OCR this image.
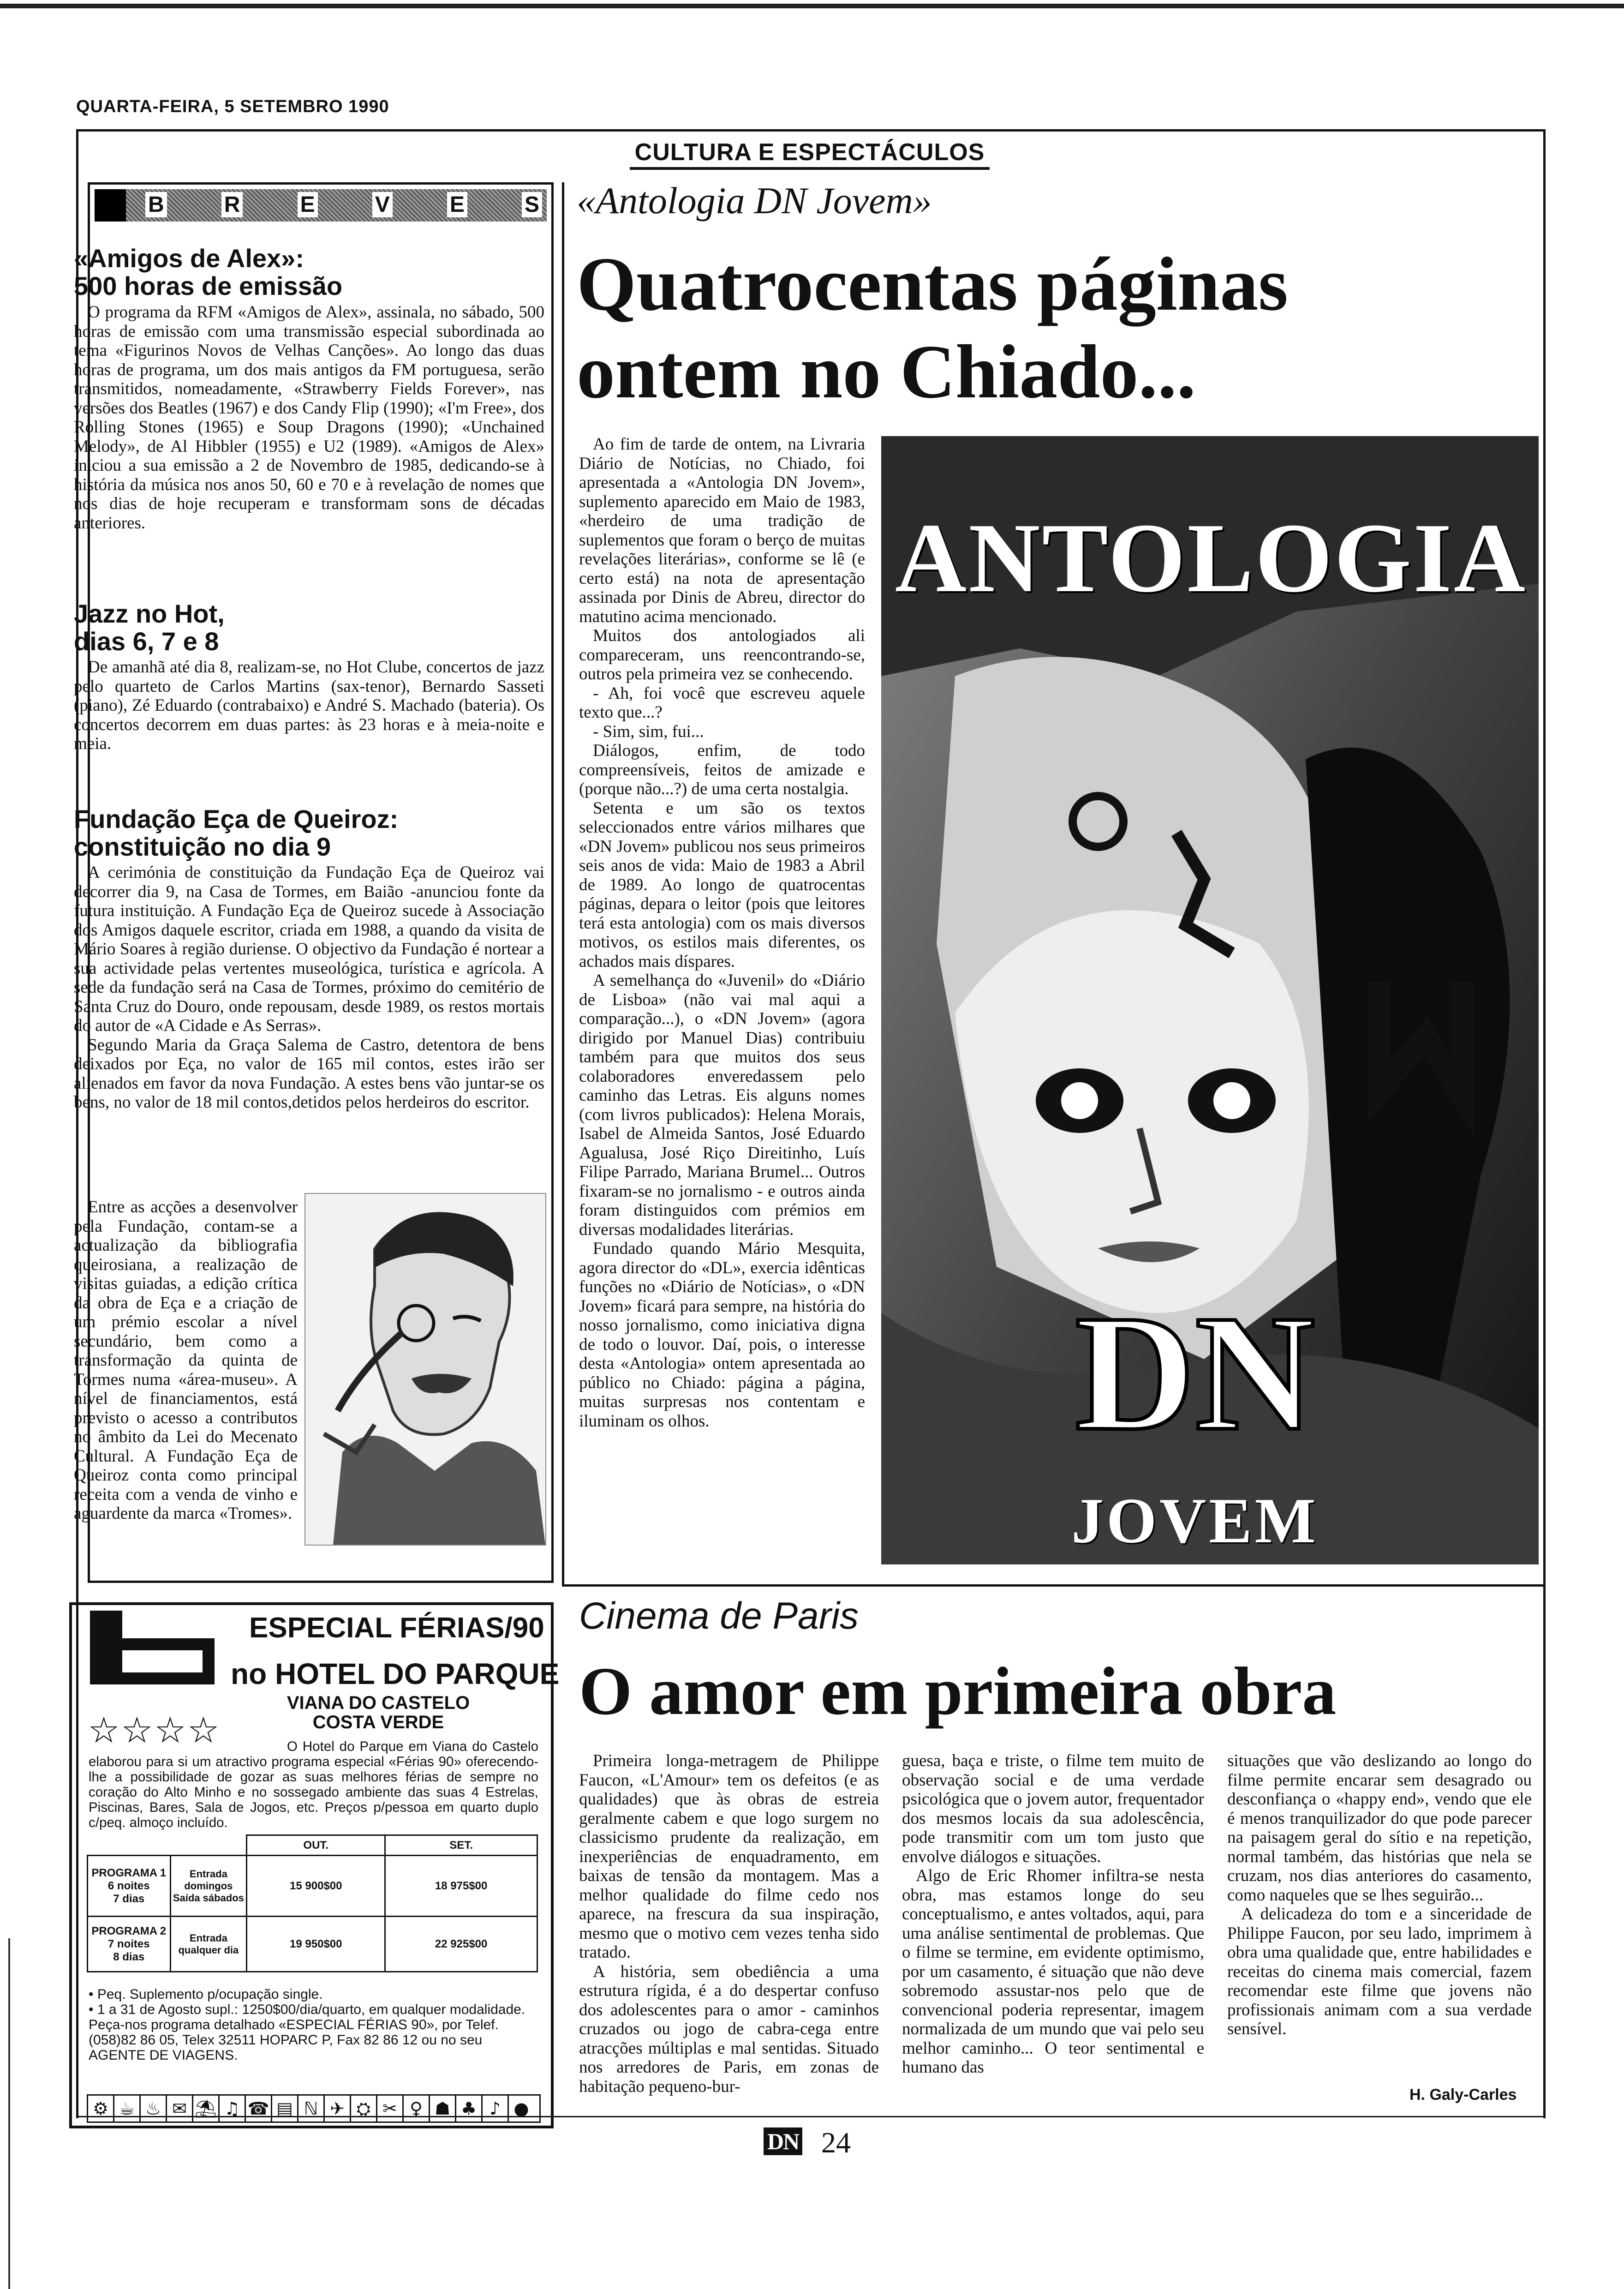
QUARTA-FEIRA, 5 SETEMBRO 1990
CULTURA E ESPECTÁCULOS
B	R	E	V	E	S
«Amigos de Alex»:
500 horas de emissão

O programa da RFM «Amigos de Alex», assinala, no sábado, 500 horas de emissão com uma transmissão especial subordinada ao tema «Figurinos Novos de Velhas Canções». Ao longo das duas horas de programa, um dos mais antigos da FM portuguesa, serão transmitidos, nomeadamente, «Strawberry Fields Forever», nas versões dos Beatles (1967) e dos Candy Flip (1990); «I'm Free», dos Rolling Stones (1965) e Soup Dragons (1990); «Unchained Melody», de Al Hibbler (1955) e U2 (1989). «Amigos de Alex» iniciou a sua emissão a 2 de Novembro de 1985, dedicando-se à história da música nos anos 50, 60 e 70 e à revelação de nomes que nos dias de hoje recuperam e transformam sons de décadas anteriores.

Jazz no Hot,
dias 6, 7 e 8

De amanhã até dia 8, realizam-se, no Hot Clube, concertos de jazz pelo quarteto de Carlos Martins (sax-tenor), Bernardo Sasseti (piano), Zé Eduardo (contrabaixo) e André S. Machado (bateria). Os concertos decorrem em duas partes: às 23 horas e à meia-noite e meia.

Fundação Eça de Queiroz:
constituição no dia 9

A cerimónia de constituição da Fundação Eça de Queiroz vai decorrer dia 9, na Casa de Tormes, em Baião -anunciou fonte da futura instituição. A Fundação Eça de Queiroz sucede à Associação dos Amigos daquele escritor, criada em 1988, a quando da visita de Mário Soares à região duriense. O objectivo da Fundação é nortear a sua actividade pelas vertentes museológica, turística e agrícola. A sede da fundação será na Casa de Tormes, próximo do cemitério de Santa Cruz do Douro, onde repousam, desde 1989, os restos mortais do autor de «A Cidade e As Serras».

Segundo Maria da Graça Salema de Castro, detentora de bens deixados por Eça, no valor de 165 mil contos, estes irão ser alienados em favor da nova Fundação. A estes bens vão juntar-se os bens, no valor de 18 mil contos,detidos pelos herdeiros do escritor.

Entre as acções a desenvolver pela Fundação, contam-se a actualização da bibliografia queirosiana, a realização de visitas guiadas, a edição crítica da obra de Eça e a criação de um prémio escolar a nível secundário, bem como a transformação da quinta de Tormes numa «área-museu». A nível de financiamentos, está previsto o acesso a contributos no âmbito da Lei do Mecenato Cultural. A Fundação Eça de Queiroz conta como principal receita com a venda de vinho e aguardente da marca «Tromes».

«Antologia DN Jovem»
Quatrocentas páginas
ontem no Chiado...

Ao fim de tarde de ontem, na Livraria Diário de Notícias, no Chiado, foi apresentada a «Antologia DN Jovem», suplemento aparecido em Maio de 1983, «herdeiro de uma tradição de suplementos que foram o berço de muitas revelações literárias», conforme se lê (e certo está) na nota de apresentação assinada por Dinis de Abreu, director do matutino acima mencionado.

Muitos dos antologiados ali compareceram, uns reencontrando-se, outros pela primeira vez se conhecendo.

- Ah, foi você que escreveu aquele texto que...?

- Sim, sim, fui...

Diálogos, enfim, de todo compreensíveis, feitos de amizade e (porque não...?) de uma certa nostalgia.

Setenta e um são os textos seleccionados entre vários milhares que «DN Jovem» publicou nos seus primeiros seis anos de vida: Maio de 1983 a Abril de 1989. Ao longo de quatrocentas páginas, depara o leitor (pois que leitores terá esta antologia) com os mais diversos motivos, os estilos mais diferentes, os achados mais díspares.

A semelhança do «Juvenil» do «Diário de Lisboa» (não vai mal aqui a comparação...), o «DN Jovem» (agora dirigido por Manuel Dias) contribuiu também para que muitos dos seus colaboradores enveredassem pelo caminho das Letras. Eis alguns nomes (com livros publicados): Helena Morais, Isabel de Almeida Santos, José Eduardo Agualusa, José Riço Direitinho, Luís Filipe Parrado, Mariana Brumel... Outros fixaram-se no jornalismo - e outros ainda foram distinguidos com prémios em diversas modalidades literárias.

Fundado quando Mário Mesquita, agora director do «DL», exercia idênticas funções no «Diário de Notícias», o «DN Jovem» ficará para sempre, na história do nosso jornalismo, como iniciativa digna de todo o louvor. Daí, pois, o interesse desta «Antologia» ontem apresentada ao público no Chiado: página a página, muitas surpresas nos contentam e iluminam os olhos.

ANTOLOGIA
DN
JOVEM
ESPECIAL FÉRIAS/90
no HOTEL DO PARQUE
VIANA DO CASTELO
COSTA VERDE
☆☆☆☆	O Hotel do Parque em Viana do Castelo elaborou para si um atractivo programa especial «Férias 90» oferecendo-lhe a possibilidade de gozar as suas melhores férias de sempre no coração do Alto Minho e no sossegado ambiente das suas 4 Estrelas, Piscinas, Bares, Sala de Jogos, etc. Preços p/pessoa em quarto duplo c/peq. almoço incluído.
		OUT.	SET.

PROGRAMA 1
6 noites
7 dias	Entrada domingos Saída sábados	15 900$00	18 975$00

PROGRAMA 2
7 noites
8 dias	Entrada qualquer dia	19 950$00	22 925$00
• Peq. Suplemento p/ocupação single.
• 1 a 31 de Agosto supl.: 1250$00/dia/quarto, em qualquer modalidade.
Peça-nos programa detalhado «ESPECIAL FÉRIAS 90», por Telef. (058)82 86 05, Telex 32511 HOPARC P, Fax 82 86 12 ou no seu AGENTE DE VIAGENS.
⚙ ☕ ♨ ✉ ⛱ ♫ ☎ ▤ ℕ ✈ ⛭ ✂ ♀ ☗ ♣ ♪ ●
Cinema de Paris
O amor em primeira obra

Primeira longa-metragem de Philippe Faucon, «L'Amour» tem os defeitos (e as qualidades) que às obras de estreia geralmente cabem e que logo surgem no classicismo prudente da realização, em inexperiências de enquadramento, em baixas de tensão da montagem. Mas a melhor qualidade do filme cedo nos aparece, na frescura da sua inspiração, mesmo que o motivo cem vezes tenha sido tratado.

A história, sem obediência a uma estrutura rígida, é a do despertar confuso dos adolescentes para o amor - caminhos cruzados ou jogo de cabra-cega entre atracções múltiplas e mal sentidas. Situado nos arredores de Paris, em zonas de habitação pequeno-bur-

guesa, baça e triste, o filme tem muito de observação social e de uma verdade psicológica que o jovem autor, frequentador dos mesmos locais da sua adolescência, pode transmitir com um tom justo que envolve diálogos e situações.

Algo de Eric Rhomer infiltra-se nesta obra, mas estamos longe do seu conceptualismo, e antes voltados, aqui, para uma análise sentimental de problemas. Que o filme se termine, em evidente optimismo, por um casamento, é situação que não deve sobremodo assustar-nos pelo que de convencional poderia representar, imagem normalizada de um mundo que vai pelo seu melhor caminho... O teor sentimental e humano das

situações que vão deslizando ao longo do filme permite encarar sem desagrado ou desconfiança o «happy end», vendo que ele é menos tranquilizador do que pode parecer na paisagem geral do sítio e na repetição, normal também, das histórias que nela se cruzam, nos dias anteriores do casamento, como naqueles que se lhes seguirão...

A delicadeza do tom e a sinceridade de Philippe Faucon, por seu lado, imprimem à obra uma qualidade que, entre habilidades e receitas do cinema mais comercial, fazem recomendar este filme que jovens não profissionais animam com a sua verdade sensível.

H. Galy-Carles
DN 24
